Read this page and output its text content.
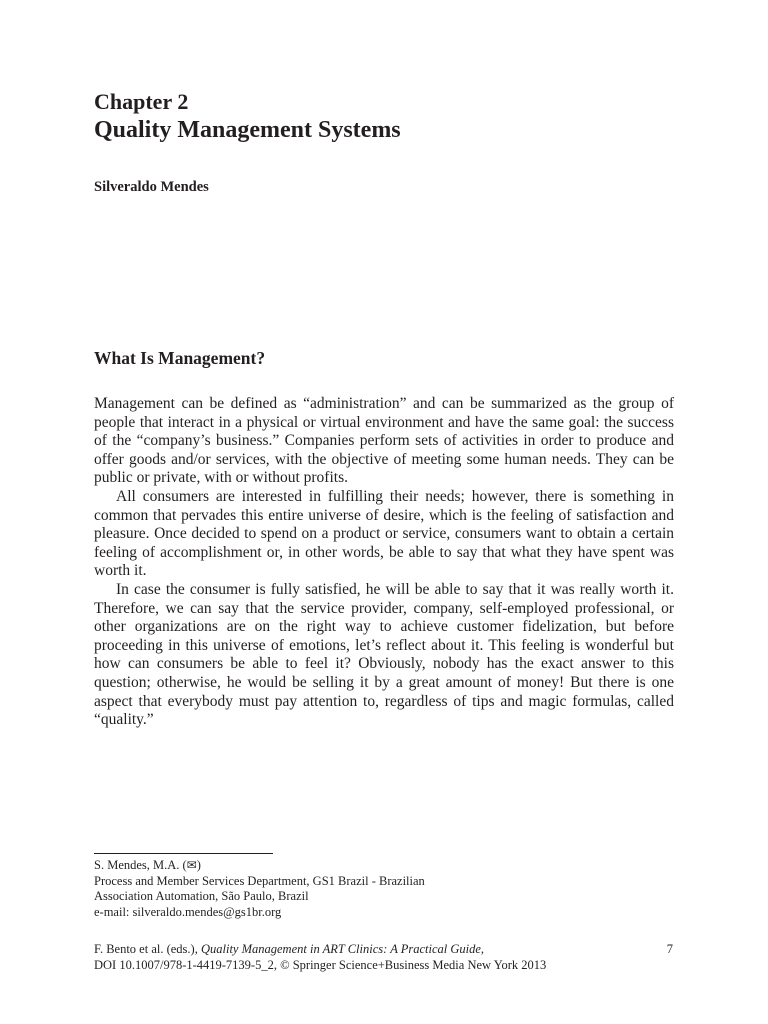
Chapter 2
Quality Management Systems
Silveraldo Mendes
What Is Management?

Management can be defined as “administration” and can be summarized as the group of people that interact in a physical or virtual environment and have the same goal: the success of the “company’s business.” Companies perform sets of activities in order to produce and offer goods and/or services, with the objective of meeting some human needs. They can be public or private, with or without profits.

All consumers are interested in fulfilling their needs; however, there is something in common that pervades this entire universe of desire, which is the feeling of satisfaction and pleasure. Once decided to spend on a product or service, consumers want to obtain a certain feeling of accomplishment or, in other words, be able to say that what they have spent was worth it.

In case the consumer is fully satisfied, he will be able to say that it was really worth it. Therefore, we can say that the service provider, company, self-employed professional, or other organizations are on the right way to achieve customer fidelization, but before proceeding in this universe of emotions, let’s reflect about it. This feeling is wonderful but how can consumers be able to feel it? Obviously, nobody has the exact answer to this question; otherwise, he would be selling it by a great amount of money! But there is one aspect that everybody must pay attention to, regardless of tips and magic formulas, called “quality.”

S. Mendes, M.A. (✉)
Process and Member Services Department, GS1 Brazil - Brazilian
Association Automation, São Paulo, Brazil
e-mail: silveraldo.mendes@gs1br.org
F. Bento et al. (eds.), Quality Management in ART Clinics: A Practical Guide,
DOI 10.1007/978-1-4419-7139-5_2, © Springer Science+Business Media New York 2013
7
